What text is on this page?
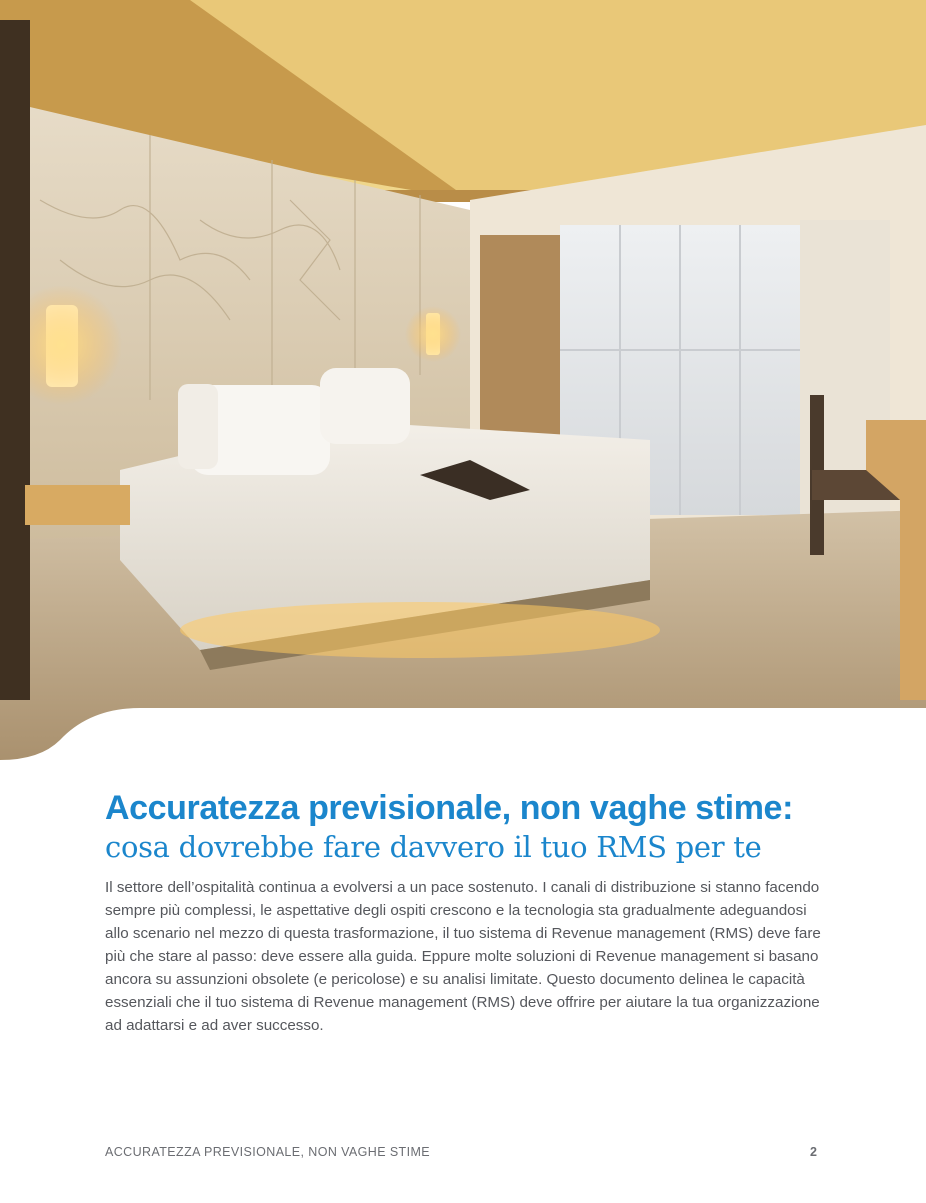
Accuratezza previsionale, non vaghe stime: cosa dovrebbe fare davvero il tuo RMS per te

Il settore dell’ospitalità continua a evolversi a un pace sostenuto. I canali di distribuzione si stanno facendo sempre più complessi, le aspettative degli ospiti crescono e la tecnologia sta gradualmente adeguandosi allo scenario nel mezzo di questa trasformazione, il tuo sistema di Revenue management (RMS) deve fare più che stare al passo: deve essere alla guida. Eppure molte soluzioni di Revenue management si basano ancora su assunzioni obsolete (e pericolose) e su analisi limitate. Questo documento delinea le capacità essenziali che il tuo sistema di Revenue management (RMS) deve offrire per aiutare la tua organizzazione ad adattarsi e ad aver successo.

ACCURATEZZA PREVISIONALE, NON VAGHE STIME	2
